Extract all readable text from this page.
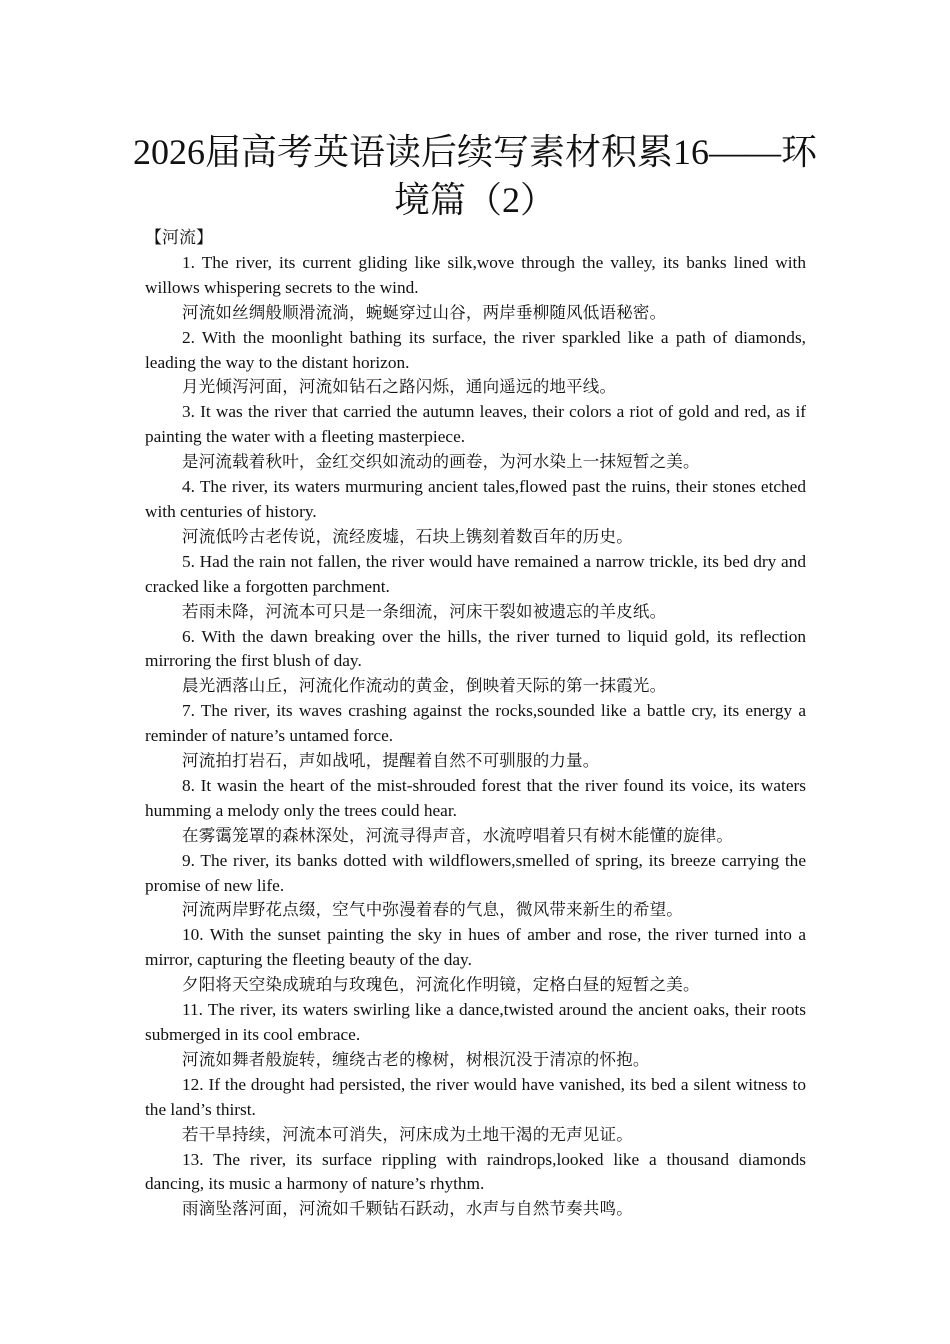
2026届高考英语读后续写素材积累16——环境篇（2）

【河流】

1. The river, its current gliding like silk,wove through the valley, its banks lined with willows whispering secrets to the wind.

河流如丝绸般顺滑流淌，蜿蜒穿过山谷，两岸垂柳随风低语秘密。

2. With the moonlight bathing its surface, the river sparkled like a path of diamonds, leading the way to the distant horizon.

月光倾泻河面，河流如钻石之路闪烁，通向遥远的地平线。

3. It was the river that carried the autumn leaves, their colors a riot of gold and red, as if painting the water with a fleeting masterpiece.

是河流载着秋叶，金红交织如流动的画卷，为河水染上一抹短暂之美。

4. The river, its waters murmuring ancient tales,flowed past the ruins, their stones etched with centuries of history.

河流低吟古老传说，流经废墟，石块上镌刻着数百年的历史。

5. Had the rain not fallen, the river would have remained a narrow trickle, its bed dry and cracked like a forgotten parchment.

若雨未降，河流本可只是一条细流，河床干裂如被遗忘的羊皮纸。

6. With the dawn breaking over the hills, the river turned to liquid gold, its reflection mirroring the first blush of day.

晨光洒落山丘，河流化作流动的黄金，倒映着天际的第一抹霞光。

7. The river, its waves crashing against the rocks,sounded like a battle cry, its energy a reminder of nature’s untamed force.

河流拍打岩石，声如战吼，提醒着自然不可驯服的力量。

8. It wasin the heart of the mist-shrouded forest that the river found its voice, its waters humming a melody only the trees could hear.

在雾霭笼罩的森林深处，河流寻得声音，水流哼唱着只有树木能懂的旋律。

9. The river, its banks dotted with wildflowers,smelled of spring, its breeze carrying the promise of new life.

河流两岸野花点缀，空气中弥漫着春的气息，微风带来新生的希望。

10. With the sunset painting the sky in hues of amber and rose, the river turned into a mirror, capturing the fleeting beauty of the day.

夕阳将天空染成琥珀与玫瑰色，河流化作明镜，定格白昼的短暂之美。

11. The river, its waters swirling like a dance,twisted around the ancient oaks, their roots submerged in its cool embrace.

河流如舞者般旋转，缠绕古老的橡树，树根沉没于清凉的怀抱。

12. If the drought had persisted, the river would have vanished, its bed a silent witness to the land’s thirst.

若干旱持续，河流本可消失，河床成为土地干渴的无声见证。

13. The river, its surface rippling with raindrops,looked like a thousand diamonds dancing, its music a harmony of nature’s rhythm.

雨滴坠落河面，河流如千颗钻石跃动，水声与自然节奏共鸣。
